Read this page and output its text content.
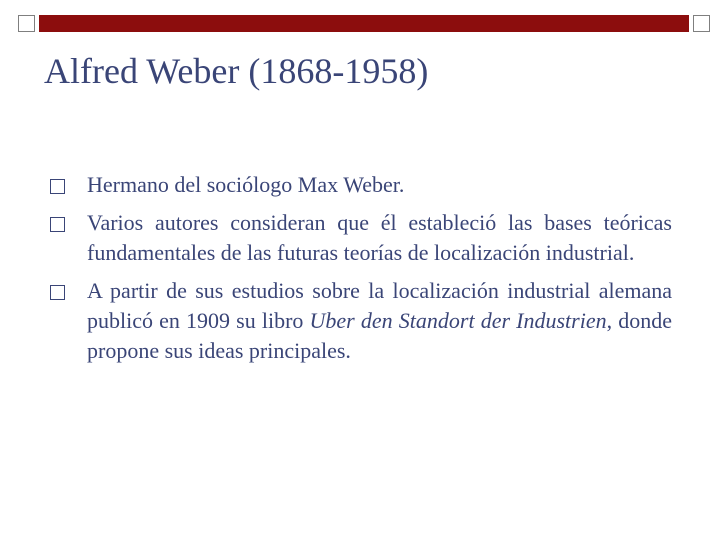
Alfred Weber (1868-1958)
Hermano del sociólogo Max Weber.
Varios autores consideran que él estableció las bases teóricas fundamentales de las futuras teorías de localización industrial.
A partir de sus estudios sobre la localización industrial alemana publicó en 1909 su libro Uber den Standort der Industrien, donde propone sus ideas principales.
